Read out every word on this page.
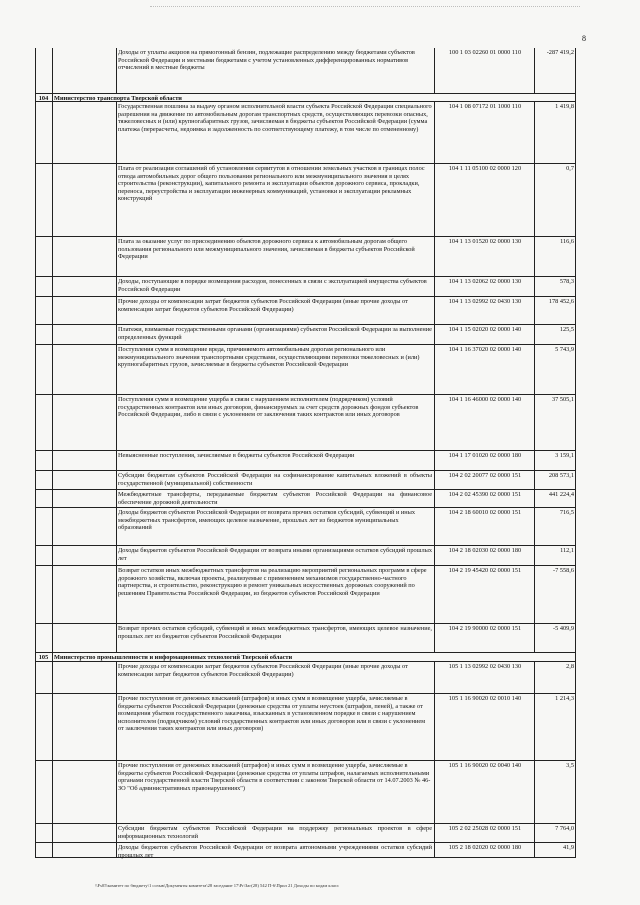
8
Доходы от уплаты акцизов на прямогонный бензин, подлежащие распределению между бюджетами субъектов Российской Федерации и местными бюджетами с учетом установленных дифференцированных нормативов отчислений в местные бюджеты
100 1 03 02260 01 0000 110	-287 419,2
104 Министерство транспорта Тверской области
Государственная пошлина за выдачу органом исполнительной власти субъекта Российской Федерации специального разрешения на движение по автомобильным дорогам транспортных средств, осуществляющих перевозки опасных, тяжеловесных и (или) крупногабаритных грузов, зачисляемая в бюджеты субъектов Российской Федерации (сумма платежа (перерасчеты, недоимка и задолженность по соответствующему платежу, в том числе по отмененному)
104 1 08 07172 01 1000 110	1 419,8
Плата от реализации соглашений об установлении сервитутов в отношении земельных участков в границах полос отвода автомобильных дорог общего пользования регионального или межмуниципального значения в целях строительства (реконструкции), капитального ремонта и эксплуатации объектов дорожного сервиса, прокладки, переноса, переустройства и эксплуатации инженерных коммуникаций, установки и эксплуатации рекламных конструкций
104 1 11 05100 02 0000 120	0,7
Плата за оказание услуг по присоединению объектов дорожного сервиса к автомобильным дорогам общего пользования регионального или межмуниципального значения, зачисляемая в бюджеты субъектов Российской Федерации
104 1 13 01520 02 0000 130	116,6
Доходы, поступающие в порядке возмещения расходов, понесенных в связи с эксплуатацией имущества субъектов Российской Федерации
104 1 13 02062 02 0000 130	578,3
Прочие доходы от компенсации затрат бюджетов субъектов Российской Федерации (иные прочие доходы от компенсации затрат бюджетов субъектов Российской Федерации)
104 1 13 02992 02 0430 130	178 452,6
Платежи, взимаемые государственными органами (организациями) субъектов Российской Федерации за выполнение определенных функций
104 1 15 02020 02 0000 140	125,5
Поступления сумм в возмещение вреда, причиняемого автомобильным дорогам регионального или межмуниципального значения транспортными средствами, осуществляющими перевозки тяжеловесных и (или) крупногабаритных грузов, зачисляемые в бюджеты субъектов Российской Федерации
104 1 16 37020 02 0000 140	5 743,9
Поступления сумм в возмещение ущерба в связи с нарушением исполнителем (подрядчиком) условий государственных контрактов или иных договоров, финансируемых за счет средств дорожных фондов субъектов Российской Федерации, либо в связи с уклонением от заключения таких контрактов или иных договоров
104 1 16 46000 02 0000 140	37 505,1
Невыясненные поступления, зачисляемые в бюджеты субъектов Российской Федерации	104 1 17 01020 02 0000 180	3 159,1
Субсидии бюджетам субъектов Российской Федерации на софинансирование капитальных вложений в объекты государственной (муниципальной) собственности
104 2 02 20077 02 0000 151	208 573,1
Межбюджетные трансферты, передаваемые бюджетам субъектов Российской Федерации на финансовое обеспечение дорожной деятельности
104 2 02 45390 02 0000 151	441 224,4
Доходы бюджетов субъектов Российской Федерации от возврата прочих остатков субсидий, субвенций и иных межбюджетных трансфертов, имеющих целевое назначение, прошлых лет из бюджетов муниципальных образований
104 2 18 60010 02 0000 151	716,5
Доходы бюджетов субъектов Российской Федерации от возврата иными организациями остатков субсидий прошлых лет
104 2 18 02030 02 0000 180	112,1
Возврат остатков иных межбюджетных трансфертов на реализацию мероприятий региональных программ в сфере дорожного хозяйства, включая проекты, реализуемые с применением механизмов государственно-частного партнерства, и строительство, реконструкцию и ремонт уникальных искусственных дорожных сооружений по решениям Правительства Российской Федерации, из бюджетов субъектов Российской Федерации
104 2 19 45420 02 0000 151	-7 558,6
Возврат прочих остатков субсидий, субвенций и иных межбюджетных трансфертов, имеющих целевое назначение, прошлых лет из бюджетов субъектов Российской Федерации
104 2 19 90000 02 0000 151	-5 409,9
105 Министерство промышленности и информационных технологий Тверской области
Прочие доходы от компенсации затрат бюджетов субъектов Российской Федерации (иные прочие доходы от компенсации затрат бюджетов субъектов Российской Федерации)
105 1 13 02992 02 0430 130	2,8
Прочие поступления от денежных взысканий (штрафов) и иных сумм в возмещение ущерба, зачисляемые в бюджеты субъектов Российской Федерации (денежные средства от уплаты неустоек (штрафов, пеней), а также от возмещения убытков государственного заказчика, взысканных в установленном порядке в связи с нарушением исполнителем (подрядчиком) условий государственных контрактов или иных договоров или в связи с уклонением от заключения таких контрактов или иных договоров)
105 1 16 90020 02 0010 140	1 214,3
Прочие поступления от денежных взысканий (штрафов) и иных сумм в возмещение ущерба, зачисляемые в бюджеты субъектов Российской Федерации (денежные средства от уплаты штрафов, налагаемых исполнительными органами государственной власти Тверской области в соответствии с законом Тверской области от 14.07.2003 № 46-ЗО "Об административных правонарушениях")
105 1 16 90020 02 0040 140	3,5
Субсидии бюджетам субъектов Российской Федерации на поддержку региональных проектов в сфере информационных технологий
105 2 02 25028 02 0000 151	7 764,0
Доходы бюджетов субъектов Российской Федерации от возврата автономными учреждениями остатков субсидий прошлых лет
105 2 18 02020 02 0000 180	41,9
\\Fs05\комитет по бюджету\1 созыв\Документы комитета\28 заседание 17\Pr\Заг(28) 542 П-6\Прил 21 Доходы по кодам класс
